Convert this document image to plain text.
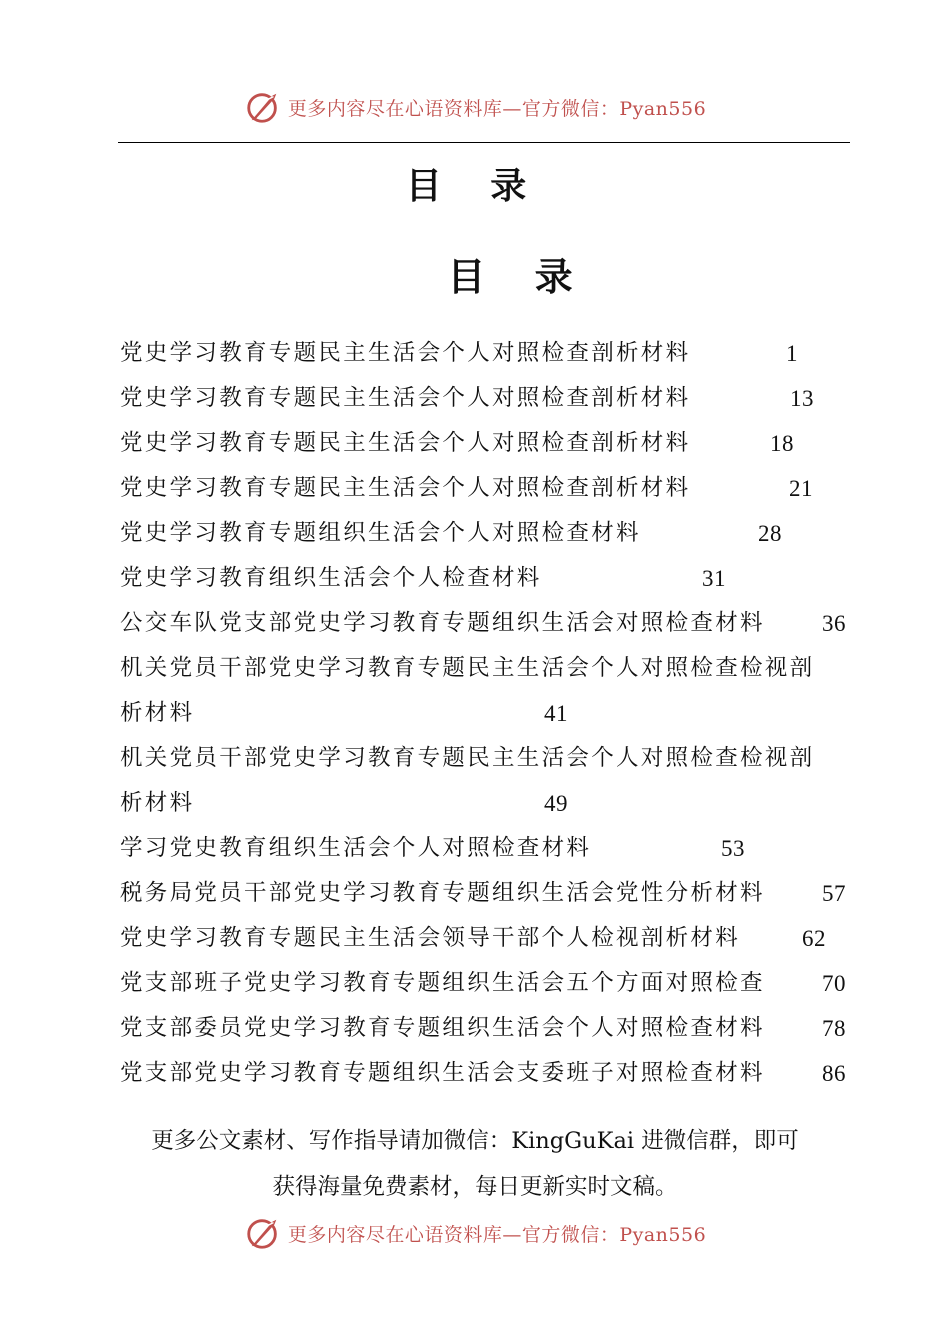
更多内容尽在心语资料库—官方微信：Pyan556
目 录
目 录
党史学习教育专题民主生活会个人对照检查剖析材料	1
党史学习教育专题民主生活会个人对照检查剖析材料	13
党史学习教育专题民主生活会个人对照检查剖析材料	18
党史学习教育专题民主生活会个人对照检查剖析材料	21
党史学习教育专题组织生活会个人对照检查材料	28
党史学习教育组织生活会个人检查材料	31
公交车队党支部党史学习教育专题组织生活会对照检查材料 36
机关党员干部党史学习教育专题民主生活会个人对照检查检视剖
析材料	41
机关党员干部党史学习教育专题民主生活会个人对照检查检视剖
析材料	49
学习党史教育组织生活会个人对照检查材料	53
税务局党员干部党史学习教育专题组织生活会党性分析材料 57
党史学习教育专题民主生活会领导干部个人检视剖析材料	62
党支部班子党史学习教育专题组织生活会五个方面对照检查 70
党支部委员党史学习教育专题组织生活会个人对照检查材料 78
党支部党史学习教育专题组织生活会支委班子对照检查材料 86
更多公文素材、写作指导请加微信：KingGuKai 进微信群，即可
获得海量免费素材，每日更新实时文稿。
更多内容尽在心语资料库—官方微信：Pyan556
